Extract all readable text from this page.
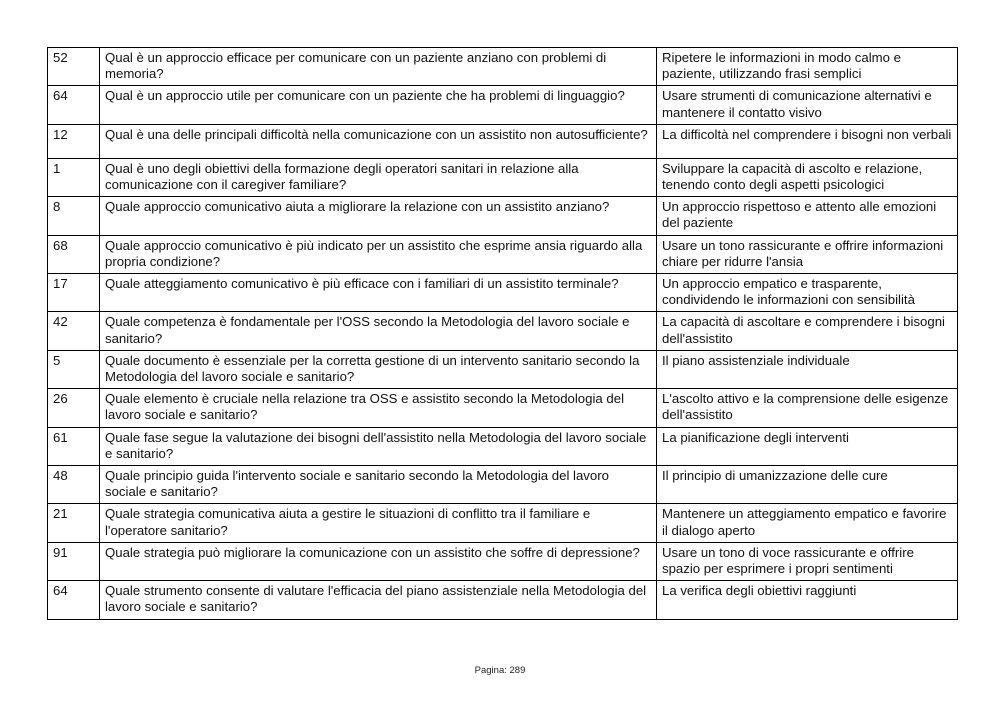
52	Qual è un approccio efficace per comunicare con un paziente anziano con problemi di memoria?	Ripetere le informazioni in modo calmo e paziente, utilizzando frasi semplici
64	Qual è un approccio utile per comunicare con un paziente che ha problemi di linguaggio?	Usare strumenti di comunicazione alternativi e mantenere il contatto visivo
12	Qual è una delle principali difficoltà nella comunicazione con un assistito non autosufficiente?	La difficoltà nel comprendere i bisogni non verbali
1	Qual è uno degli obiettivi della formazione degli operatori sanitari in relazione alla comunicazione con il caregiver familiare?	Sviluppare la capacità di ascolto e relazione, tenendo conto degli aspetti psicologici
8	Quale approccio comunicativo aiuta a migliorare la relazione con un assistito anziano?	Un approccio rispettoso e attento alle emozioni del paziente
68	Quale approccio comunicativo è più indicato per un assistito che esprime ansia riguardo alla propria condizione?	Usare un tono rassicurante e offrire informazioni chiare per ridurre l'ansia
17	Quale atteggiamento comunicativo è più efficace con i familiari di un assistito terminale?	Un approccio empatico e trasparente, condividendo le informazioni con sensibilità
42	Quale competenza è fondamentale per l'OSS secondo la Metodologia del lavoro sociale e sanitario?	La capacità di ascoltare e comprendere i bisogni dell'assistito
5	Quale documento è essenziale per la corretta gestione di un intervento sanitario secondo la Metodologia del lavoro sociale e sanitario?	Il piano assistenziale individuale
26	Quale elemento è cruciale nella relazione tra OSS e assistito secondo la Metodologia del lavoro sociale e sanitario?	L'ascolto attivo e la comprensione delle esigenze dell'assistito
61	Quale fase segue la valutazione dei bisogni dell'assistito nella Metodologia del lavoro sociale e sanitario?	La pianificazione degli interventi
48	Quale principio guida l'intervento sociale e sanitario secondo la Metodologia del lavoro sociale e sanitario?	Il principio di umanizzazione delle cure
21	Quale strategia comunicativa aiuta a gestire le situazioni di conflitto tra il familiare e l'operatore sanitario?	Mantenere un atteggiamento empatico e favorire il dialogo aperto
91	Quale strategia può migliorare la comunicazione con un assistito che soffre di depressione?	Usare un tono di voce rassicurante e offrire spazio per esprimere i propri sentimenti
64	Quale strumento consente di valutare l'efficacia del piano assistenziale nella Metodologia del lavoro sociale e sanitario?	La verifica degli obiettivi raggiunti
Pagina: 289
